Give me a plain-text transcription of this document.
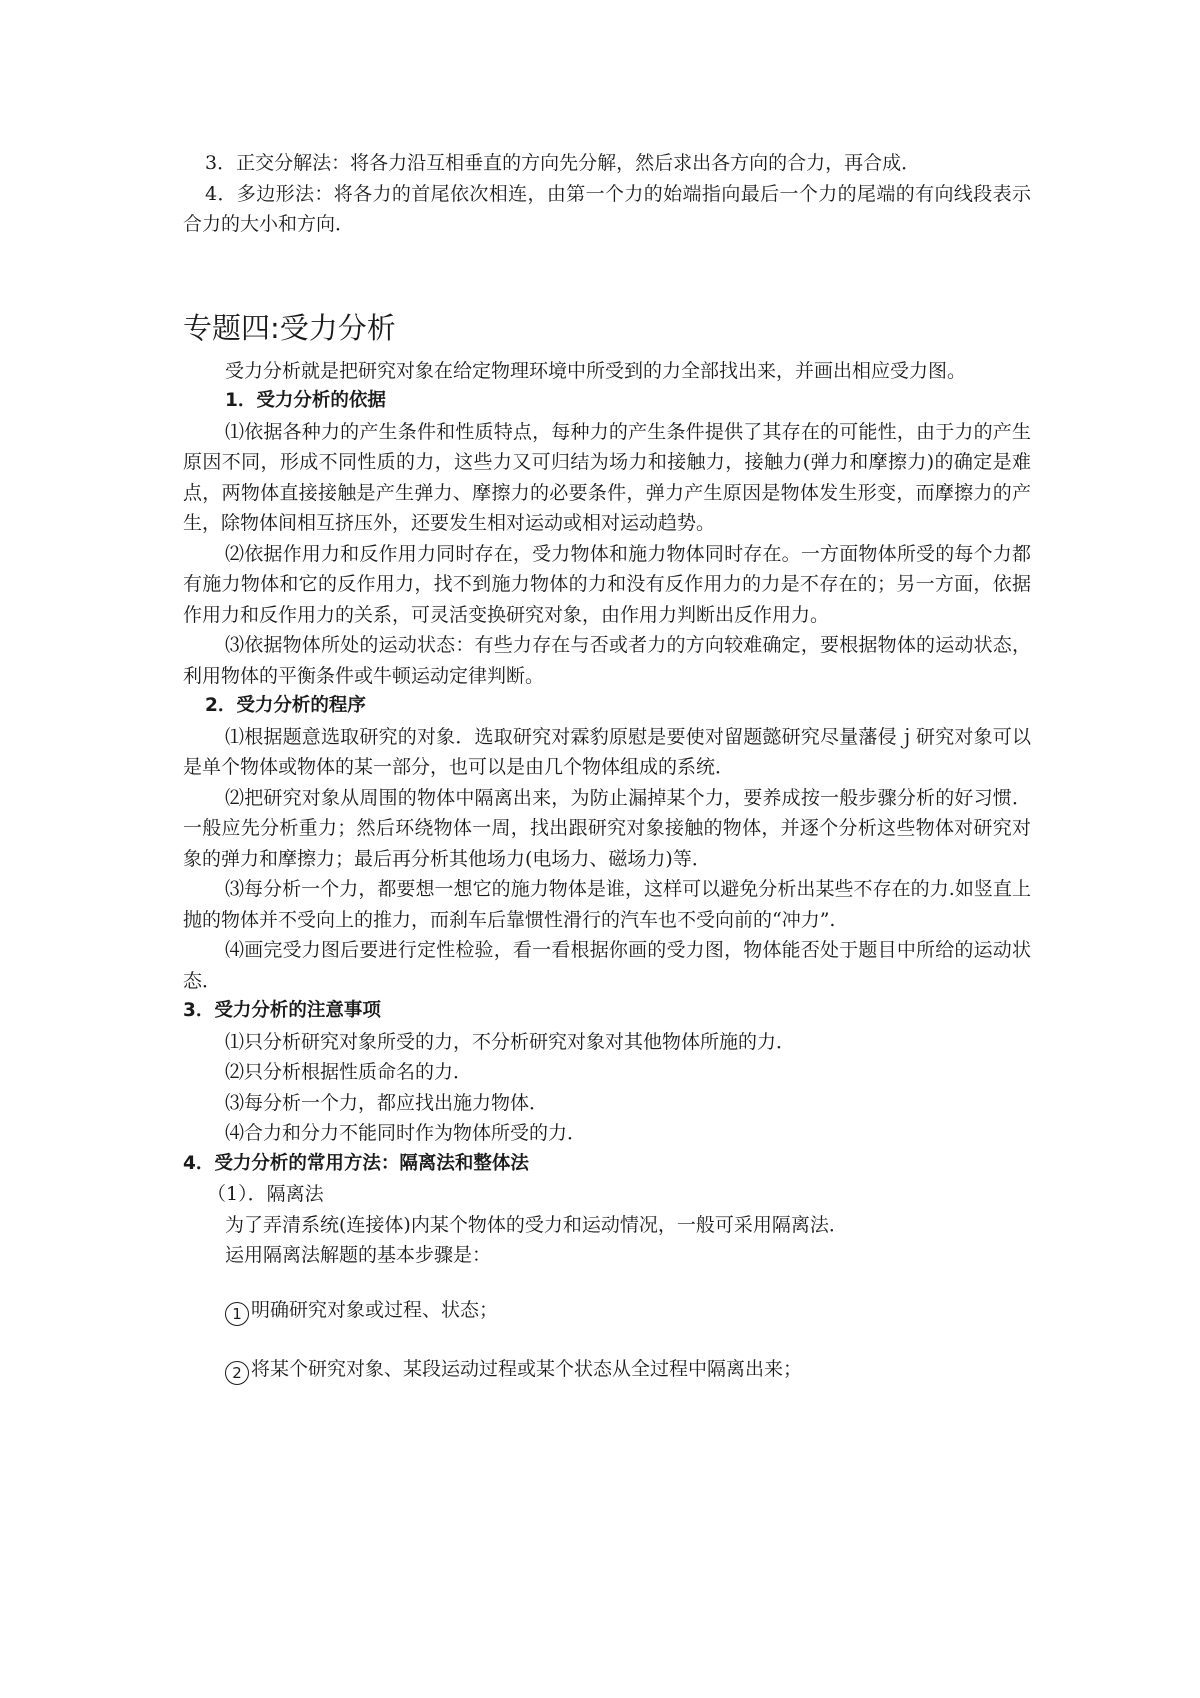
3．正交分解法：将各力沿互相垂直的方向先分解，然后求出各方向的合力，再合成．

4．多边形法：将各力的首尾依次相连，由第一个力的始端指向最后一个力的尾端的有向线段表示合力的大小和方向．

专题四:受力分析

受力分析就是把研究对象在给定物理环境中所受到的力全部找出来，并画出相应受力图。

1．受力分析的依据

⑴依据各种力的产生条件和性质特点，每种力的产生条件提供了其存在的可能性，由于力的产生原因不同，形成不同性质的力，这些力又可归结为场力和接触力，接触力(弹力和摩擦力)的确定是难点，两物体直接接触是产生弹力、摩擦力的必要条件，弹力产生原因是物体发生形变，而摩擦力的产生，除物体间相互挤压外，还要发生相对运动或相对运动趋势。

⑵依据作用力和反作用力同时存在，受力物体和施力物体同时存在。一方面物体所受的每个力都有施力物体和它的反作用力，找不到施力物体的力和没有反作用力的力是不存在的；另一方面，依据作用力和反作用力的关系，可灵活变换研究对象，由作用力判断出反作用力。

⑶依据物体所处的运动状态：有些力存在与否或者力的方向较难确定，要根据物体的运动状态，利用物体的平衡条件或牛顿运动定律判断。

2．受力分析的程序

⑴根据题意选取研究的对象．选取研究对霖豹原慰是要使对留题懿研究尽量藩侵ｊ研究对象可以是单个物体或物体的某一部分，也可以是由几个物体组成的系统．

⑵把研究对象从周围的物体中隔离出来，为防止漏掉某个力，要养成按一般步骤分析的好习惯．一般应先分析重力；然后环绕物体一周，找出跟研究对象接触的物体，并逐个分析这些物体对研究对象的弹力和摩擦力；最后再分析其他场力(电场力、磁场力)等．

⑶每分析一个力，都要想一想它的施力物体是谁，这样可以避免分析出某些不存在的力.如竖直上抛的物体并不受向上的推力，而刹车后靠惯性滑行的汽车也不受向前的“冲力”.

⑷画完受力图后要进行定性检验，看一看根据你画的受力图，物体能否处于题目中所给的运动状态．

3．受力分析的注意事项

⑴只分析研究对象所受的力，不分析研究对象对其他物体所施的力．

⑵只分析根据性质命名的力．

⑶每分析一个力，都应找出施力物体．

⑷合力和分力不能同时作为物体所受的力．

4．受力分析的常用方法：隔离法和整体法

（1）．隔离法

为了弄清系统(连接体)内某个物体的受力和运动情况，一般可采用隔离法．

运用隔离法解题的基本步骤是：

1 明确研究对象或过程、状态；

2 将某个研究对象、某段运动过程或某个状态从全过程中隔离出来；
